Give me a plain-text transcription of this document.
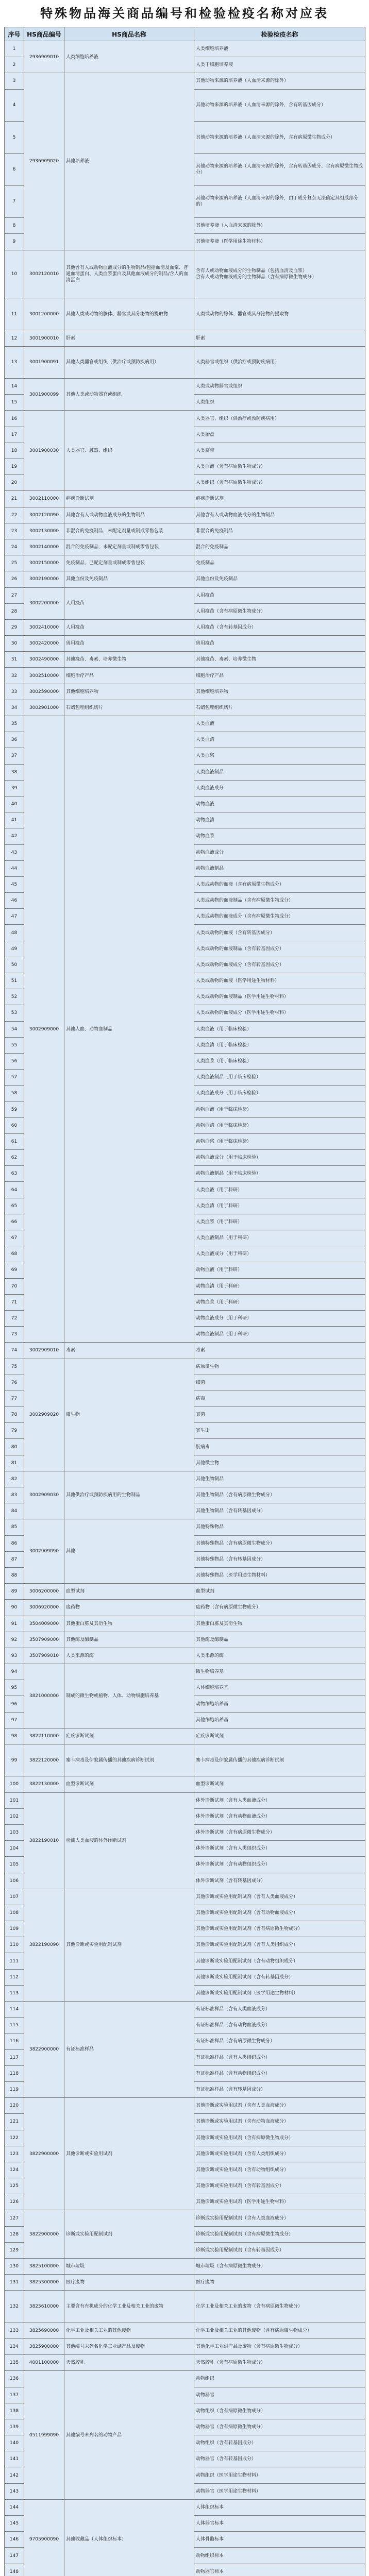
特殊物品海关商品编号和检验检疫名称对应表
序号	HS商品编号	HS商品名称	检验检疫名称
1	2936909010	人类细胞培养液	人类细胞培养液

2			人类干细胞培养液

3	2936909020	其他培养液	其他动物来源的培养液（人血清来源的除外）

4			其他动物来源的培养液（人血清来源的除外，含有转基因成分）

5			其他动物来源的培养液（人血清来源的除外，含有病原微生物成分）

6			其他动物来源的培养液（人血清来源的除外，含有转基因成分、含有病原微生物成分）

7			其他动物来源的培养液（人血清来源的除外，由于成分复杂无法确定其组成部分的）

8			其他培养液（人血清来源的除外）

9			其他培养液（医学用途生物材料）

10	3002120010	其他含有人或动物血液成分的生物制品/包括血清及血浆、普通血清蛋白、人类血浆蛋白及其他血液成分的制品/含人的血清蛋白	含有人或动物血液成分的生物制品（包括血清及血浆）
含有人或动物血液成分的生物制品（含有病原微生物成分）

11	3001200000	其他人类或动物的腺体、器官或其分泌物的提取物	人类或动物的腺体、器官或其分泌物的提取物

12	3001900010	肝素	肝素

13	3001900091	其他人类器官或组织（供治疗或预防疾病用）	人类器官或组织（供治疗或预防疾病用）

14	3001900099	其他人类或动物器官或组织	人类或动物器官或组织

15			人类组织

16	3001900030	人类器官、脏器、组织	人类器官、组织（供治疗或预防疾病用）

17			人类胎盘

18			人类脐带

19			人类血液（含有病原微生物成分）

20			人类组织（含有病原微生物成分）

21	3002110000	疟疾诊断试剂	疟疾诊断试剂

22	3002120090	其他含有人或动物血液成分的生物制品	其他含有人或动物血液成分的生物制品

23	3002130000	非混合的免疫制品，未配定剂量或制成零售包装	非混合的免疫制品

24	3002140000	混合的免疫制品，未配定剂量或制成零售包装	混合的免疫制品

25	3002150000	免疫制品，已配定剂量或制成零售包装	免疫制品

26	3002190000	其他血份及免疫制品	其他血份及免疫制品

27	3002200000	人用疫苗	人用疫苗

28			人用疫苗（含有病原微生物成分）

29	3002410000	人用疫苗	人用疫苗（含有转基因成分）

30	3002420000	兽用疫苗	兽用疫苗

31	3002490000	其他疫苗、毒素、培养微生物	其他疫苗、毒素、培养微生物

32	3002510000	细胞治疗产品	细胞治疗产品

33	3002590000	其他细胞培养物	其他细胞培养物

34	3002901000	石蜡包埋组织切片	石蜡包埋组织切片

35	3002909000	其他人血、动物血制品	人类血液

36			人类血清

37			人类血浆

38			人类血液制品

39			人类血液成分

40			动物血液

41			动物血清

42			动物血浆

43			动物血液成分

44			动物血液制品

45			人类或动物的血液（含有病原微生物成分）

46			人类或动物的血液制品（含有病原微生物成分）

47			人类或动物的血液成分（含有病原微生物成分）

48			人类或动物的血液（含有转基因成分）

49			人类或动物的血液制品（含有转基因成分）

50			人类或动物的血液成分（含有转基因成分）

51			人类或动物的血液（医学用途生物材料）

52			人类或动物的血液制品（医学用途生物材料）

53			人类或动物的血液成分（医学用途生物材料）

54			人类血液（用于临床检验）

55			人类血清（用于临床检验）

56			人类血浆（用于临床检验）

57			人类血液制品（用于临床检验）

58			人类血液成分（用于临床检验）

59			动物血液（用于临床检验）

60			动物血清（用于临床检验）

61			动物血浆（用于临床检验）

62			动物血液成分（用于临床检验）

63			动物血液制品（用于临床检验）

64			人类血液（用于科研）

65			人类血清（用于科研）

66			人类血浆（用于科研）

67			人类血液制品（用于科研）

68			人类血液成分（用于科研）

69			动物血液（用于科研）

70			动物血清（用于科研）

71			动物血浆（用于科研）

72			动物血液成分（用于科研）

73			动物血液制品（用于科研）

74	3002909010	毒素	毒素

75	3002909020	微生物	病原微生物

76			细菌

77			病毒

78			真菌

79			寄生虫

80			朊病毒

81			其他微生物

82	3002909030	其他供治疗或预防疾病用的生物制品	其他生物制品

83			其他生物制品（含有病原微生物成分）

84			其他生物制品（含有转基因成分）

85	3002909090	其他	其他特殊物品

86			其他特殊物品（含有病原微生物成分）

87			其他特殊物品（含有转基因成分）

88			其他特殊物品（医学用途生物材料）

89	3006200000	血型试剂	血型试剂

90	3006920000	废药物	废药物（含有病原微生物成分）

91	3504009000	其他蛋白胨及其衍生物	其他蛋白胨及其衍生物

92	3507909000	其他酶及酶制品	其他酶及酶制品

93	3507909010	人类来源的酶	人类来源的酶

94	3821000000	制成的微生物或植物、人体、动物细胞培养基	微生物培养基

95			人体细胞培养基

96			动物细胞培养基

97			其他细胞培养基

98	3822110000	疟疾诊断试剂	疟疾诊断试剂

99	3822120000	寨卡病毒及伊蚊属传播的其他疾病诊断试剂	寨卡病毒及伊蚊属传播的其他疾病诊断试剂

100	3822130000	血型诊断试剂	血型诊断试剂

101	3822190010	检测人类血液的体外诊断试剂	体外诊断试剂（含有人类血液成分）

102			体外诊断试剂（含有动物血液成分）

103			体外诊断试剂（含有病原微生物成分）

104			体外诊断试剂（含有人类组织成分）

105			体外诊断试剂（含有动物组织成分）

106			体外诊断试剂（含有转基因成分）

107	3822190090	其他诊断或实验用配制试剂	其他诊断或实验用配制试剂（含有人类血液成分）

108			其他诊断或实验用配制试剂（含有动物血液成分）

109			其他诊断或实验用配制试剂（含有病原微生物成分）

110			其他诊断或实验用配制试剂（含有人类组织成分）

111			其他诊断或实验用配制试剂（含有动物组织成分）

112			其他诊断或实验用配制试剂（含有转基因成分）

113			其他诊断或实验用配制试剂（医学用途生物材料）

114	3822900000	有证标准样品	有证标准样品（含有人类血液成分）

115			有证标准样品（含有动物血液成分）

116			有证标准样品（含有病原微生物成分）

117			有证标准样品（含有人类组织成分）

118			有证标准样品（含有动物组织成分）

119			有证标准样品（含有转基因成分）

120	3822900000	其他诊断或实验用试剂	其他诊断或实验用试剂（含有人类血液成分）

121			其他诊断或实验用试剂（含有动物血液成分）

122			其他诊断或实验用试剂（含有病原微生物成分）

123			其他诊断或实验用试剂（含有人类组织成分）

124			其他诊断或实验用试剂（含有动物组织成分）

125			其他诊断或实验用试剂（含有转基因成分）

126			其他诊断或实验用试剂（医学用途生物材料）

127	3822900000	诊断或实验用配制试剂	诊断或实验用配制试剂（含有人类血液成分）

128			诊断或实验用配制试剂（含有病原微生物成分）

129			诊断或实验用配制试剂（含有转基因成分）

130	3825100000	城市垃圾	城市垃圾（含有病原微生物成分）

131	3825300000	医疗废物	医疗废物

132	3825610000	主要含有有机成分的化学工业及相关工业的废物	化学工业及相关工业的废物（含有病原微生物成分）

133	3825690000	化学工业及相关工业的其他废物	化学工业及相关工业的其他废物（含有病原微生物成分）

134	3825900000	其他编号未列名化学工业副产品及废物	其他化学工业副产品及废物（含有病原微生物成分）

135	4001100000	天然胶乳	天然胶乳（含有病原微生物成分）

136	0511999090	其他编号未列名的动物产品	动物组织

137			动物器官

138			动物组织（含有病原微生物成分）

139			动物器官（含有病原微生物成分）

140			动物组织（含有转基因成分）

141			动物器官（含有转基因成分）

142			动物组织（医学用途生物材料）

143			动物器官（医学用途生物材料）

144	9705900090	其他收藏品（人体组织标本）	人体组织标本

145			人体器官标本

146			人体骨骼标本

147			动物组织标本

148			动物器官标本
